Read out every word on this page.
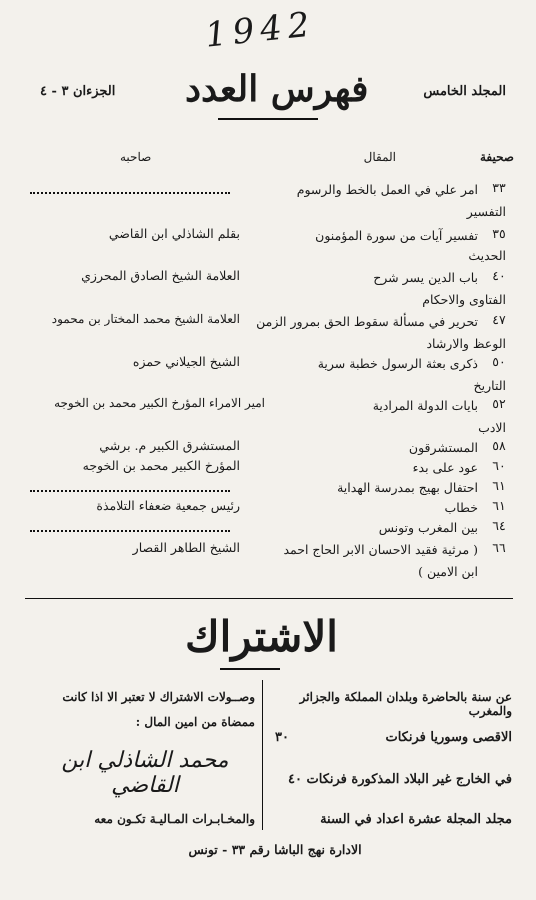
1942
المجلد الخامس
فهرس العدد
الجزءان ٣ - ٤
صحيفة
المقال
صاحبه
٣٣
امر علي في العمل بالخط والرسوم
التفسير
٣٥
تفسير آيات من سورة المؤمنون
بقلم الشاذلي ابن القاضي
الحديث
٤٠
باب الدين يسر شرح
العلامة الشيخ الصادق المحرزي
الفتاوى والاحكام
٤٧
تحرير في مسألة سقوط الحق بمرور الزمن
العلامة الشيخ محمد المختار بن محمود
الوعظ والارشاد
٥٠
ذكرى بعثة الرسول خطبة سرية
الشيخ الجيلاني حمزه
التاريخ
٥٢
بايات الدولة المرادية
امير الامراء المؤرخ الكبير محمد بن الخوجه
الادب
٥٨
المستشرقون
المستشرق الكبير م. برشي
٦٠
عود على بدء
المؤرخ الكبير محمد بن الخوجه
٦١
احتفال بهيج بمدرسة الهداية
٦١
خطاب
رئيس جمعية ضعفاء التلامذة
٦٤
بين المغرب وتونس
٦٦
( مرثية فقيد الاحسان الابر الحاج احمد
الشيخ الطاهر القصار
ابن الامين )
الاشتراك
عن سنة بالحاضرة وبلدان المملكة والجزائر والمغرب
الاقصى وسوريا فرنكات
٣٠
في الخارج غير البلاد المذكورة فرنكات ٤٠
مجلد المجلة عشرة اعداد في السنة
وصــولات الاشتراك لا تعتبر الا اذا كانت
ممضاة من امين المال :
محمد الشاذلي ابن القاضي
والمخـابـرات المـاليـة تكـون معه
الادارة نهج الباشا رقم ٣٣ - تونس
